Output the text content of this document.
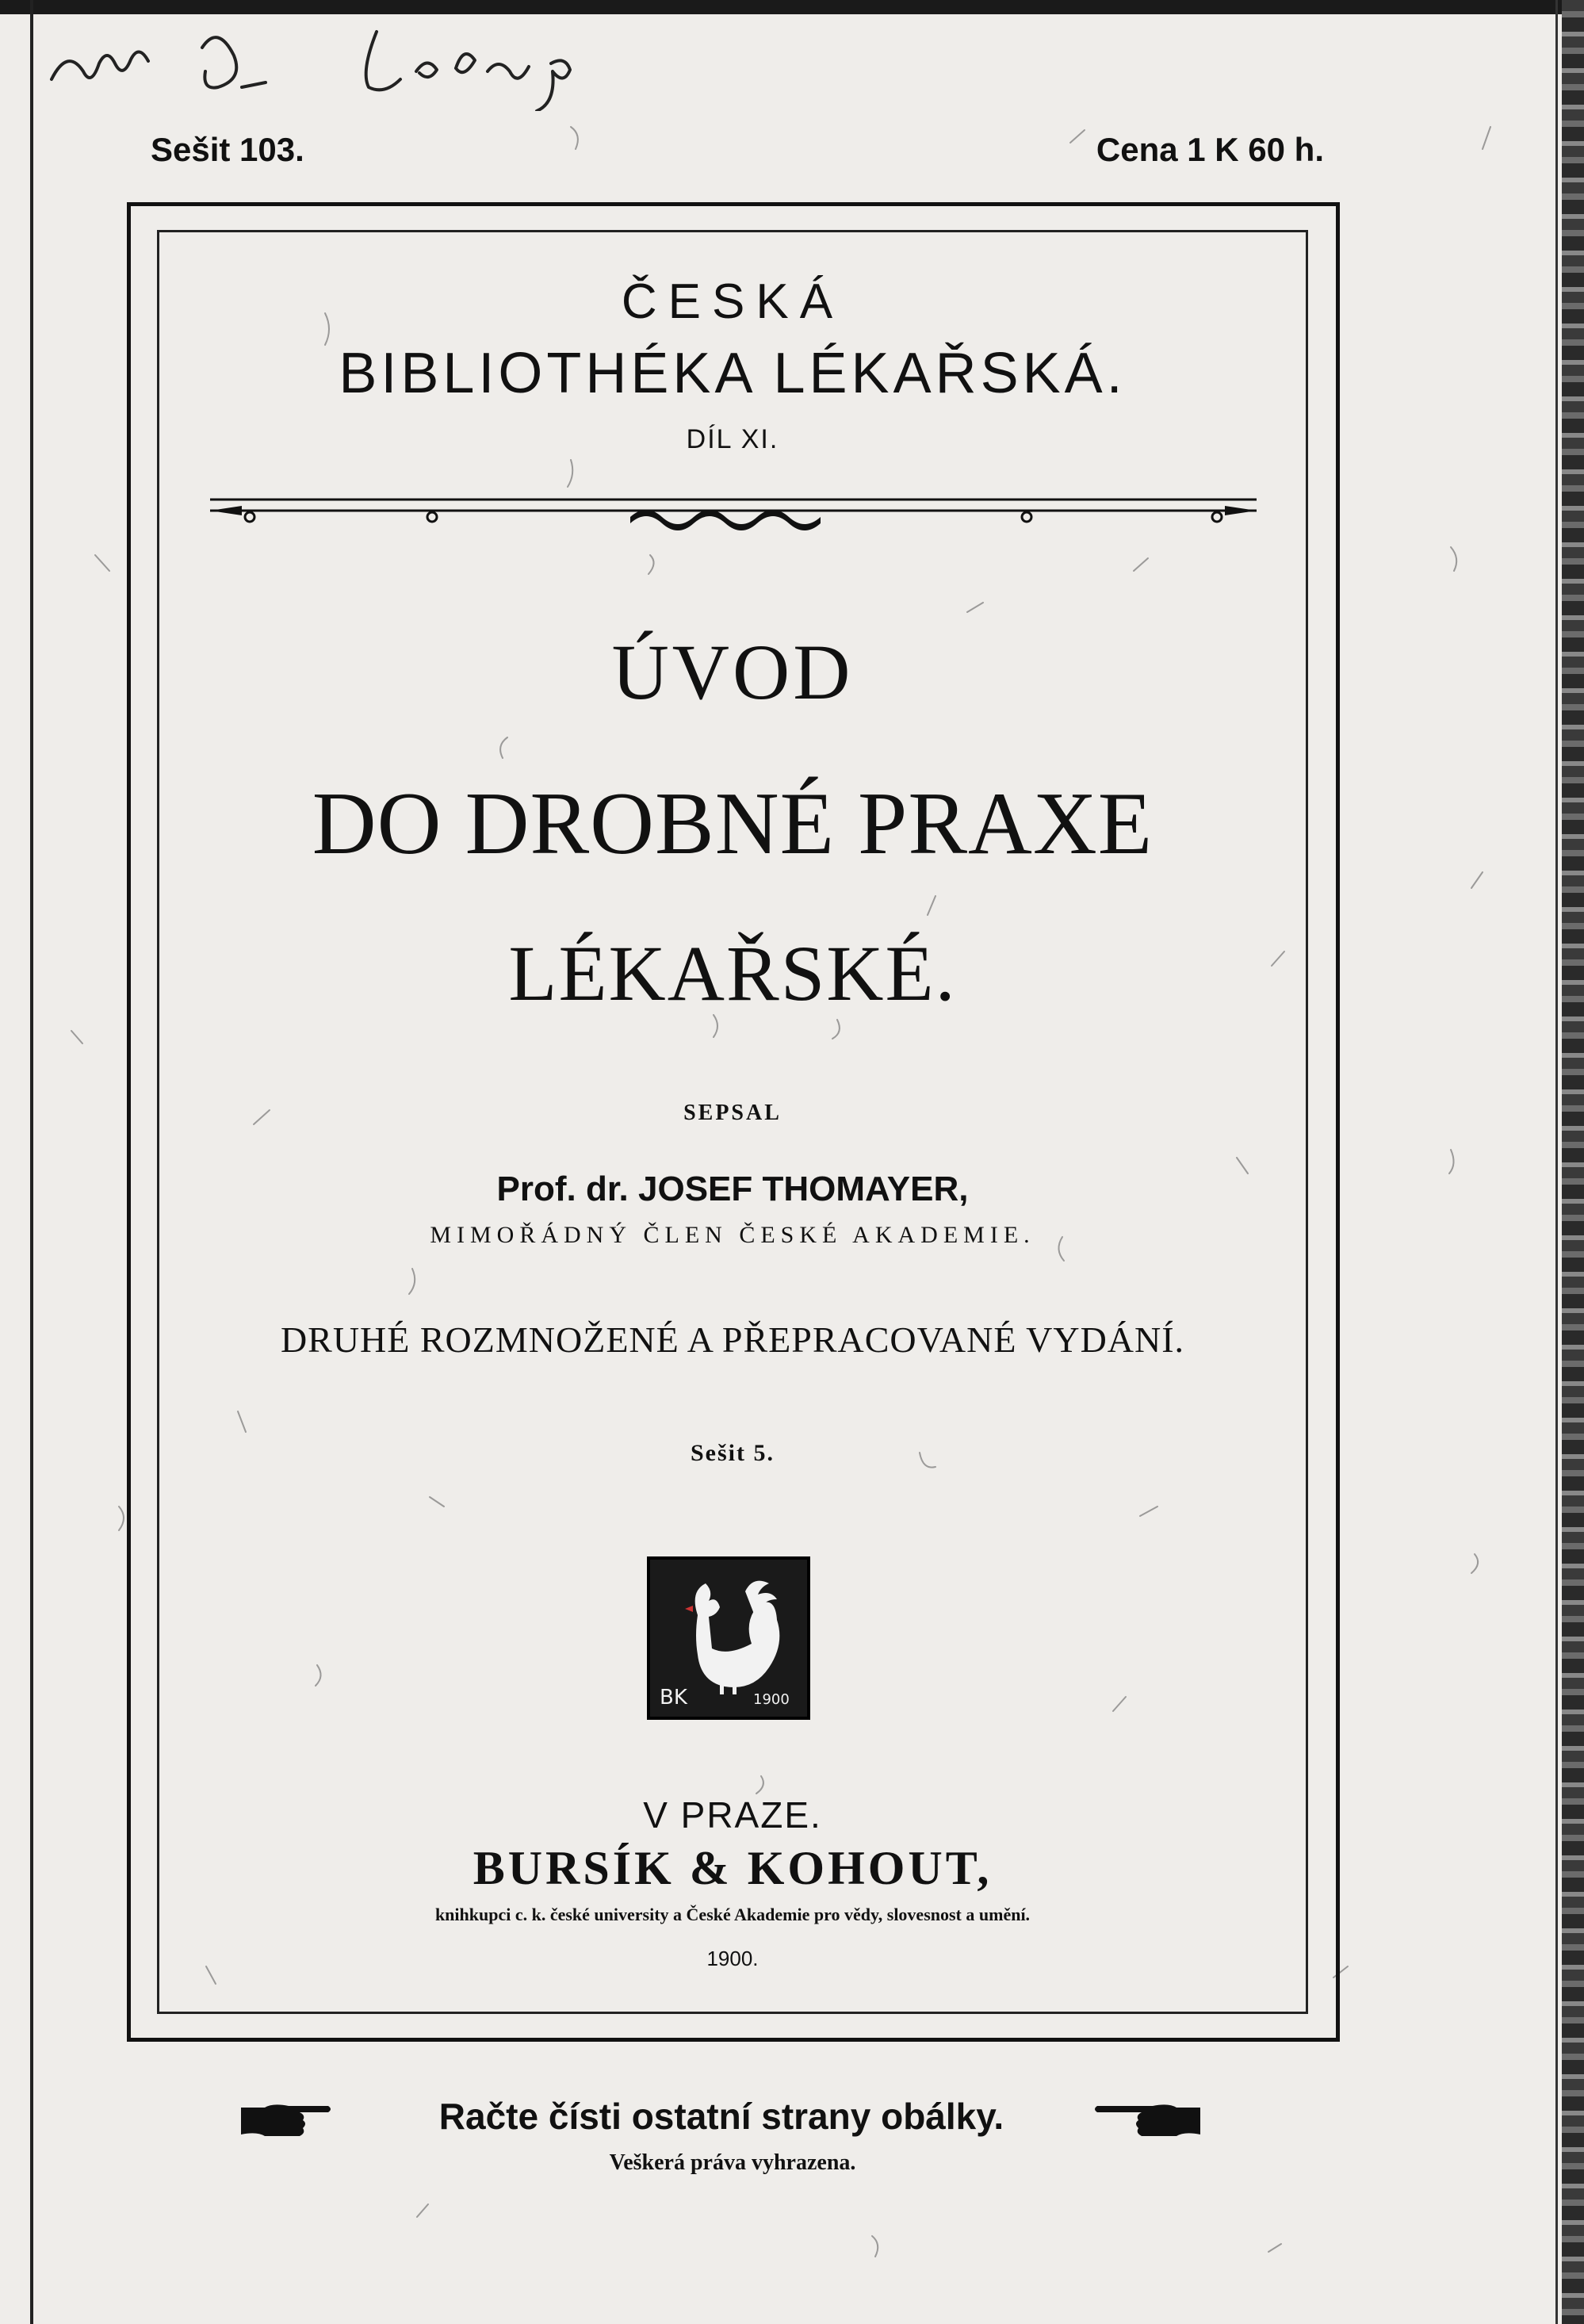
Sešit 103.	Cena 1 K 60 h.
ČESKÁ
BIBLIOTHÉKA LÉKAŘSKÁ.
DÍL XI.
ÚVOD
DO DROBNÉ PRAXE
LÉKAŘSKÉ.
SEPSAL
Prof. dr. JOSEF THOMAYER,
MIMOŘÁDNÝ ČLEN ČESKÉ AKADEMIE.
DRUHÉ ROZMNOŽENÉ A PŘEPRACOVANÉ VYDÁNÍ.
Sešit 5.
BK	1900
V PRAZE.
BURSÍK & KOHOUT,
knihkupci c. k. české university a České Akademie pro vědy, slovesnost a umění.
1900.
Račte čísti ostatní strany obálky.
Veškerá práva vyhrazena.
